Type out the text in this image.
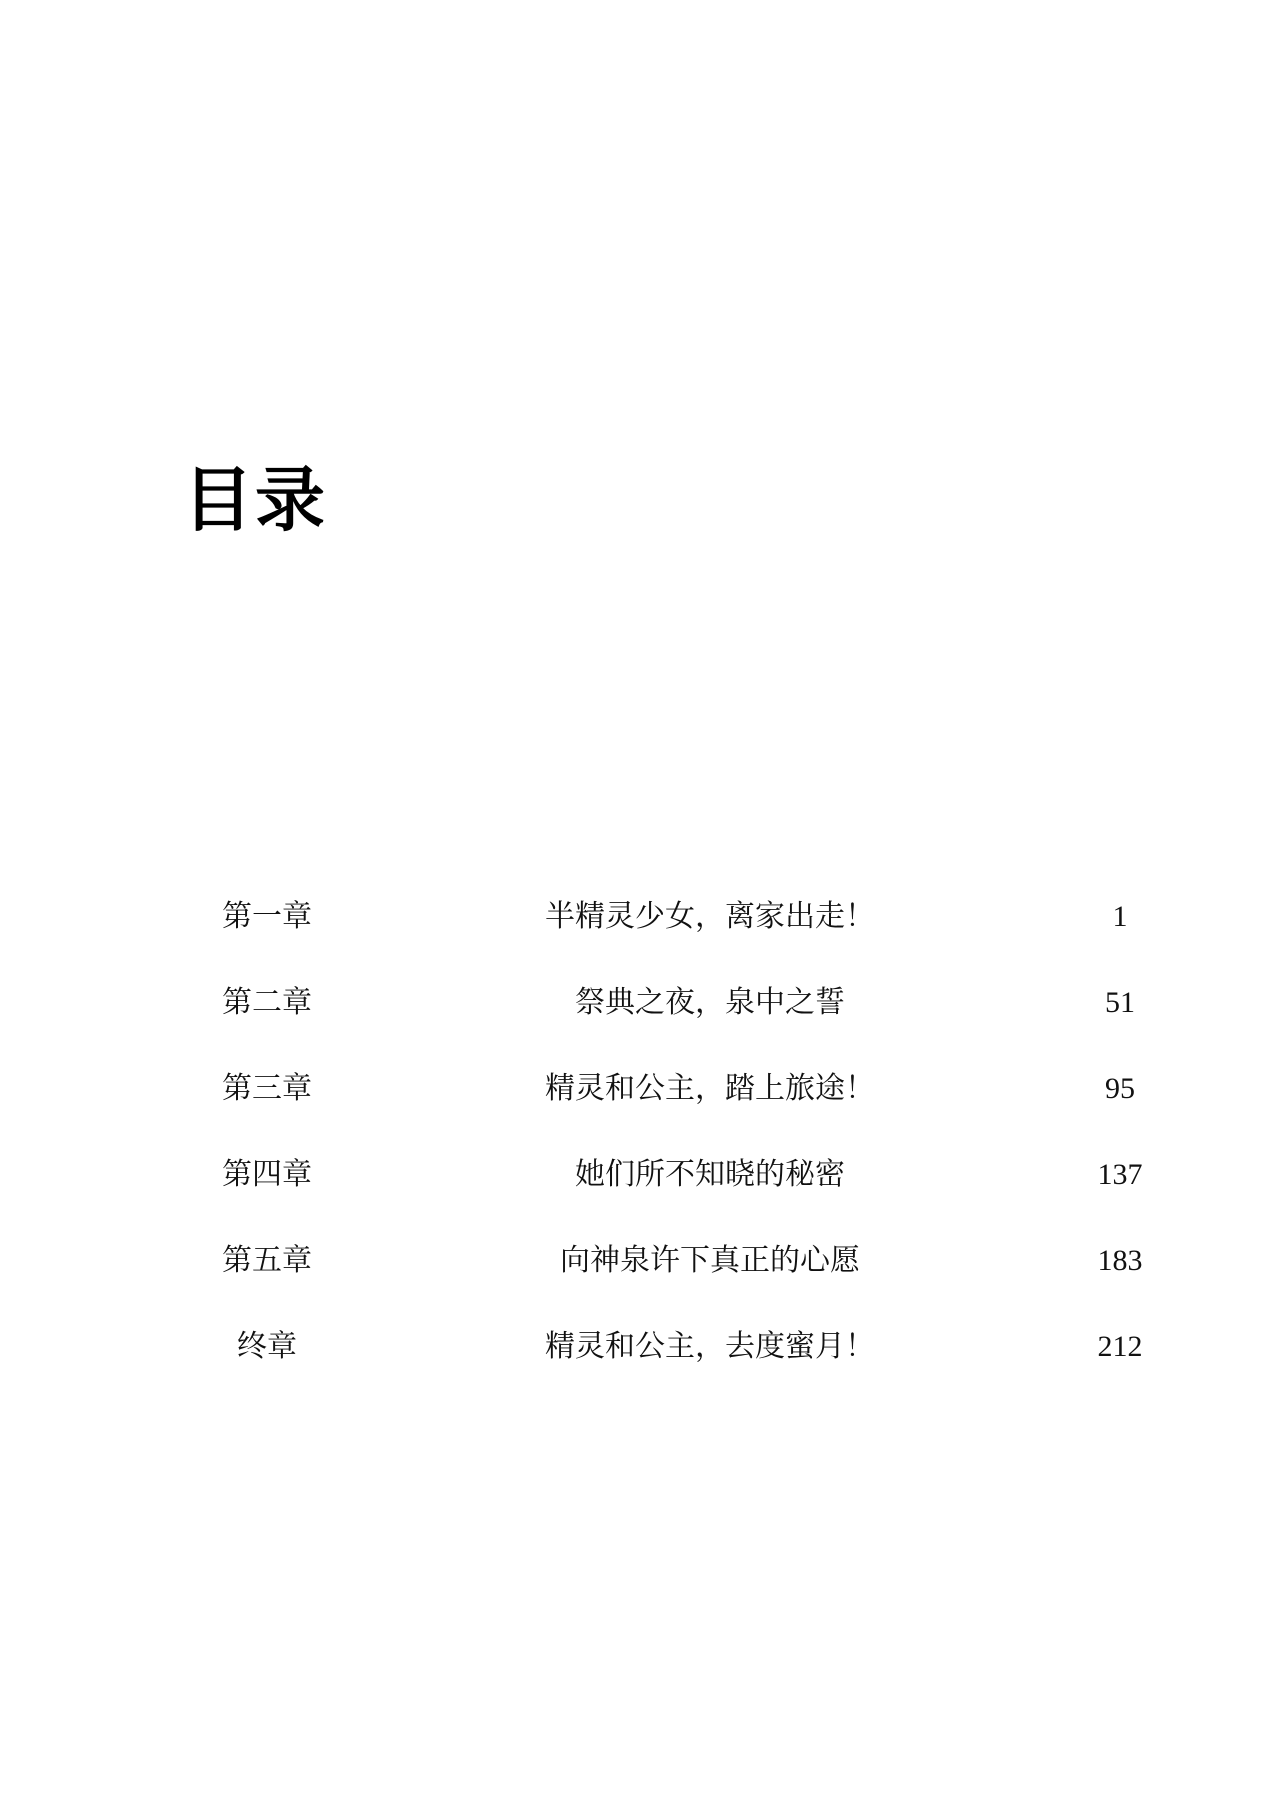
目录
第一章	半精灵少女，离家出走！	1
第二章	祭典之夜，泉中之誓	51
第三章	精灵和公主，踏上旅途！	95
第四章	她们所不知晓的秘密	137
第五章	向神泉许下真正的心愿	183
终章	精灵和公主，去度蜜月！	212
